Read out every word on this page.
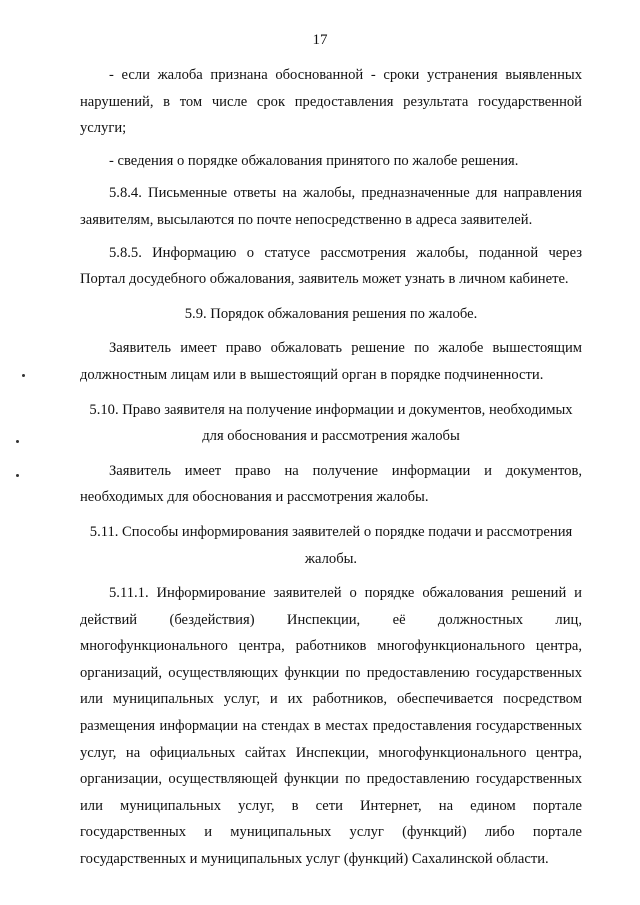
17

- если жалоба признана обоснованной - сроки устранения выявленных нарушений, в том числе срок предоставления результата государственной услуги;

- сведения о порядке обжалования принятого по жалобе решения.

5.8.4. Письменные ответы на жалобы, предназначенные для направления заявителям, высылаются по почте непосредственно в адреса заявителей.

5.8.5. Информацию о статусе рассмотрения жалобы, поданной через Портал досудебного обжалования, заявитель может узнать в личном кабинете.

5.9. Порядок обжалования решения по жалобе.

Заявитель имеет право обжаловать решение по жалобе вышестоящим должностным лицам или в вышестоящий орган в порядке подчиненности.

5.10. Право заявителя на получение информации и документов, необходимых для обоснования и рассмотрения жалобы

Заявитель имеет право на получение информации и документов, необходимых для обоснования и рассмотрения жалобы.

5.11. Способы информирования заявителей о порядке подачи и рассмотрения жалобы.

5.11.1. Информирование заявителей о порядке обжалования решений и действий (бездействия) Инспекции, её должностных лиц, многофункционального центра, работников многофункционального центра, организаций, осуществляющих функции по предоставлению государственных или муниципальных услуг, и их работников, обеспечивается посредством размещения информации на стендах в местах предоставления государственных услуг, на официальных сайтах Инспекции, многофункционального центра, организации, осуществляющей функции по предоставлению государственных или муниципальных услуг, в сети Интернет, на едином портале государственных и муниципальных услуг (функций) либо портале государственных и муниципальных услуг (функций) Сахалинской области.
